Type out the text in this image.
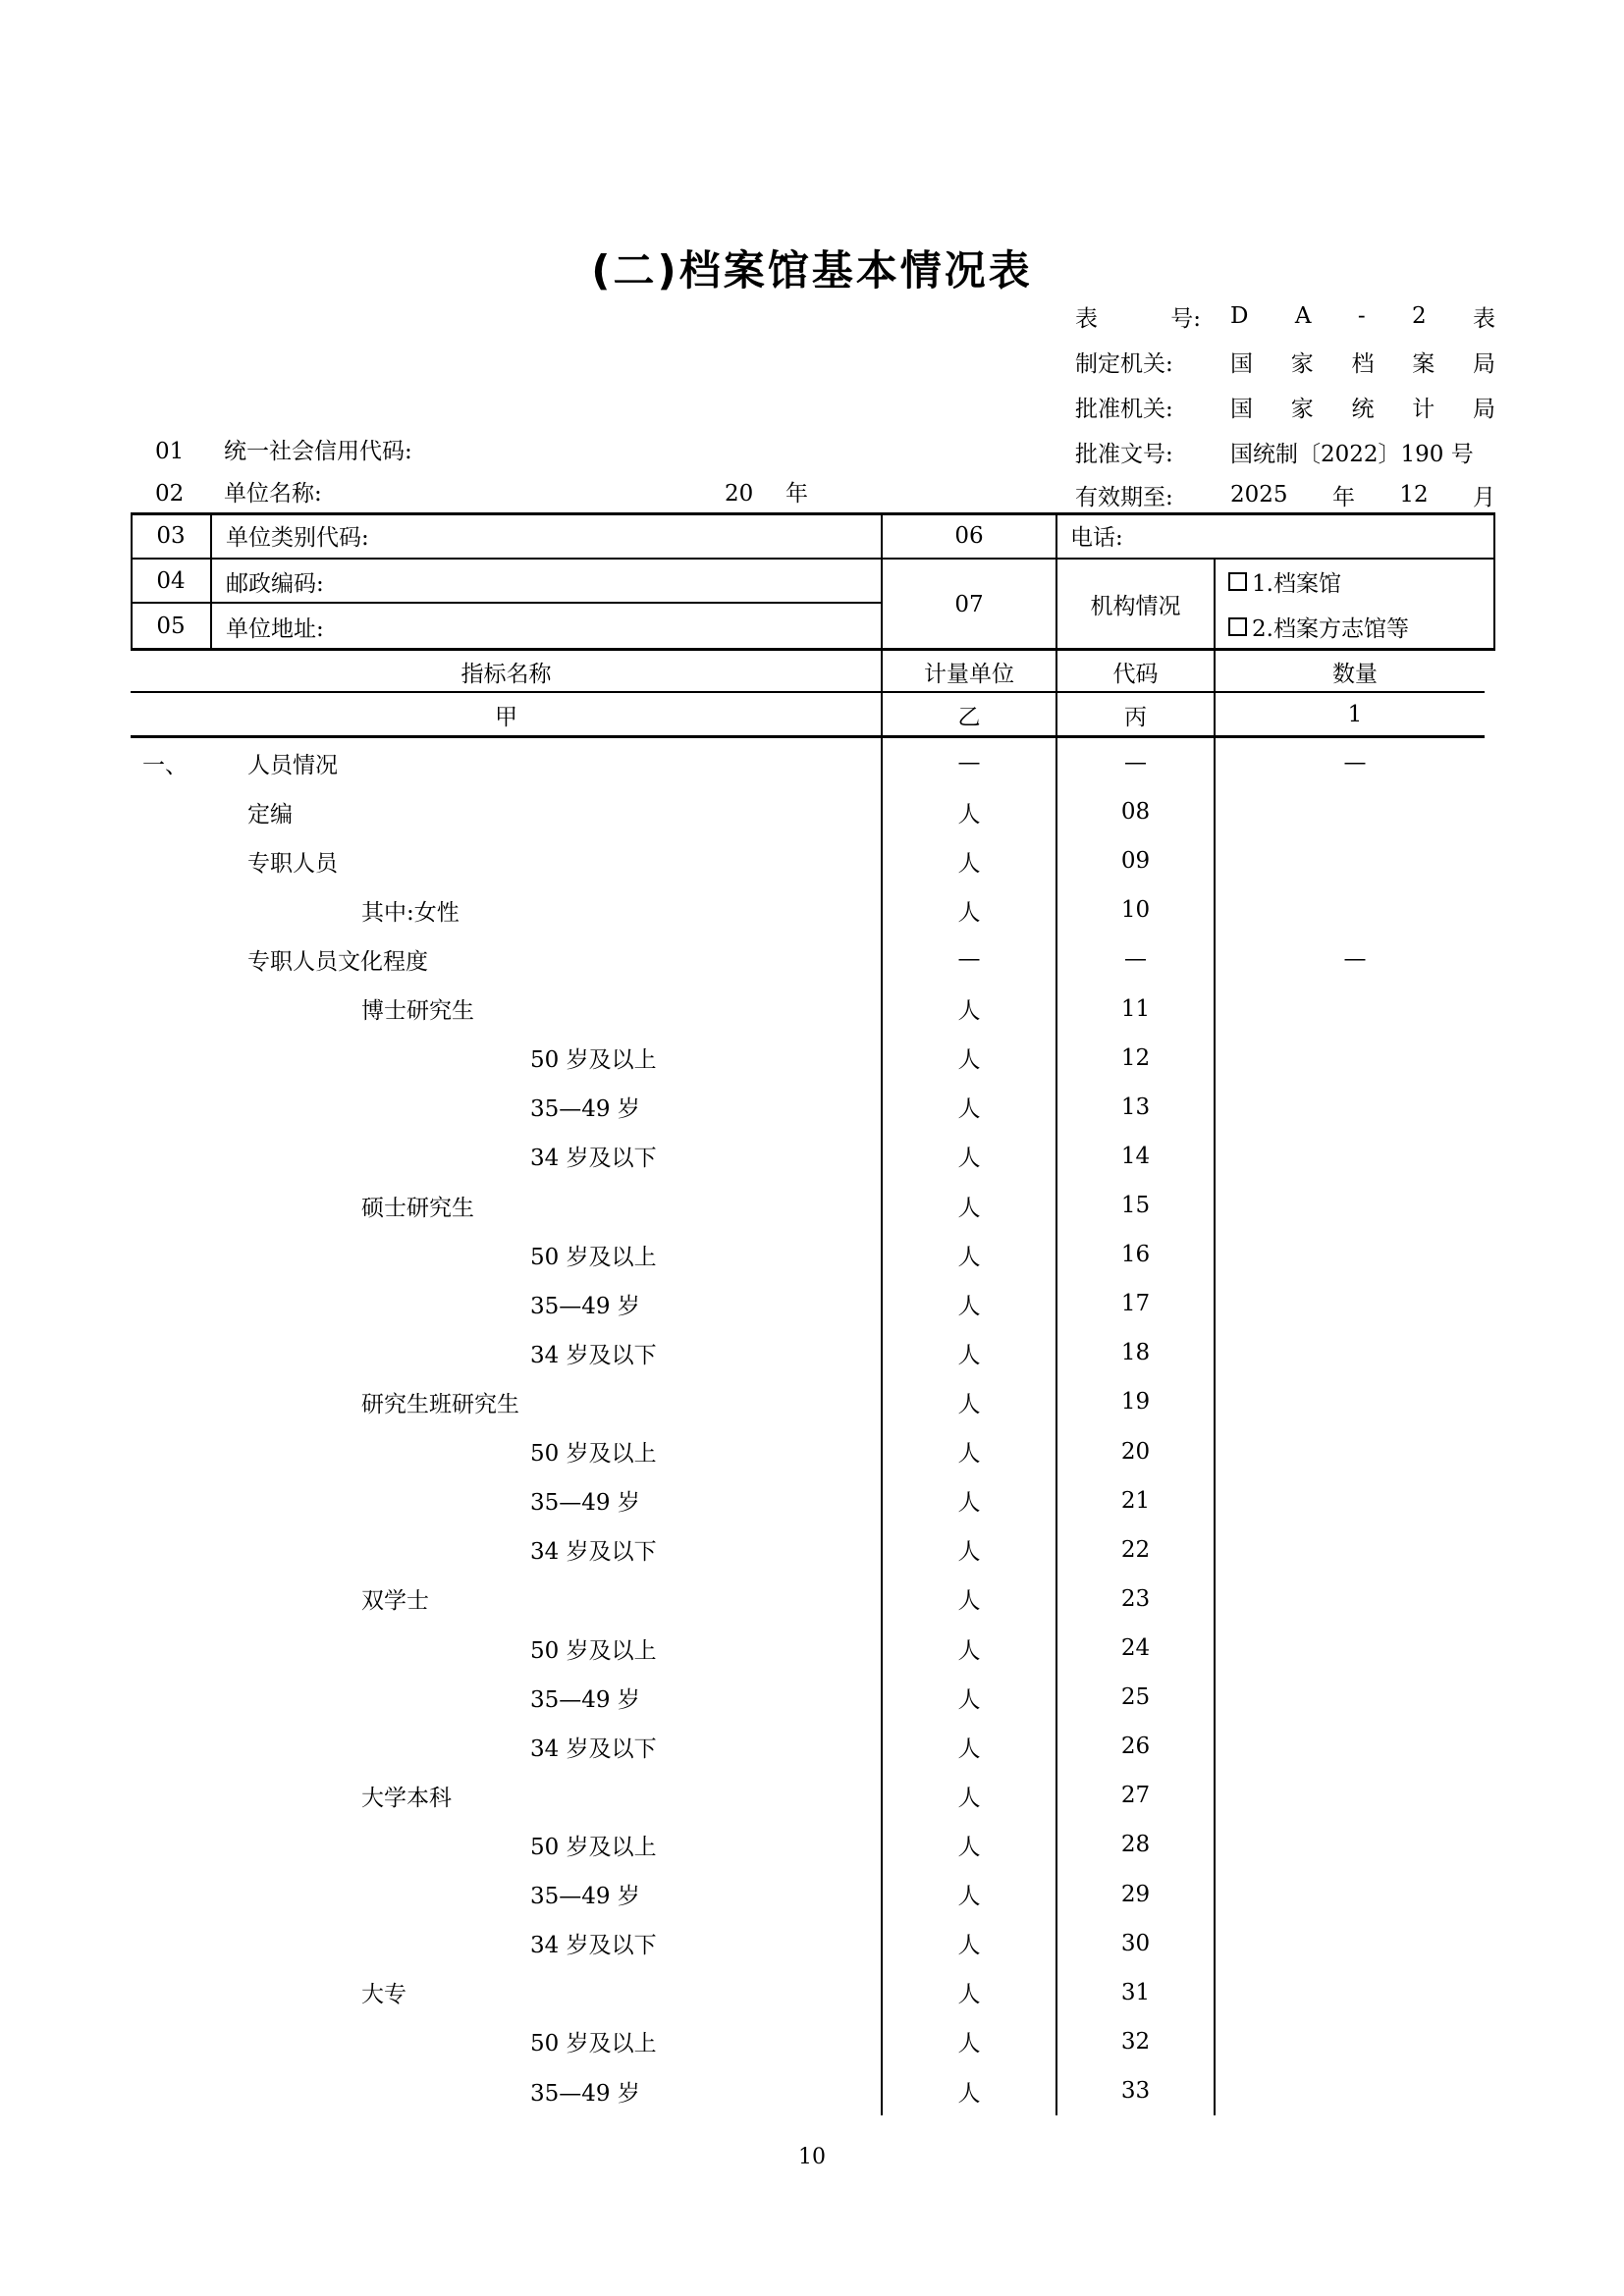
(二)档案馆基本情况表
表	号: D A - 2 表
制定机关:	国 家 档 案 局
批准机关:	国 家 统 计 局
批准文号:	国统制〔2022〕190 号
有效期至:	2025 年 12 月
01 统一社会信用代码:
02 单位名称:	20 年
03	单位类别代码:	06	电话:
04	邮政编码:
05	单位地址:
07	机构情况
1.档案馆
2.档案方志馆等
指标名称	计量单位	代码	数量
甲	乙	丙	1
一、	人员情况	—	—	—
定编	人	08
专职人员	人	09
其中:女性	人	10
专职人员文化程度	—	—	—
博士研究生	人	11
50 岁及以上	人	12
35—49 岁	人	13
34 岁及以下	人	14
硕士研究生	人	15
50 岁及以上	人	16
35—49 岁	人	17
34 岁及以下	人	18
研究生班研究生	人	19
50 岁及以上	人	20
35—49 岁	人	21
34 岁及以下	人	22
双学士	人	23
50 岁及以上	人	24
35—49 岁	人	25
34 岁及以下	人	26
大学本科	人	27
50 岁及以上	人	28
35—49 岁	人	29
34 岁及以下	人	30
大专	人	31
50 岁及以上	人	32
35—49 岁	人	33
10
